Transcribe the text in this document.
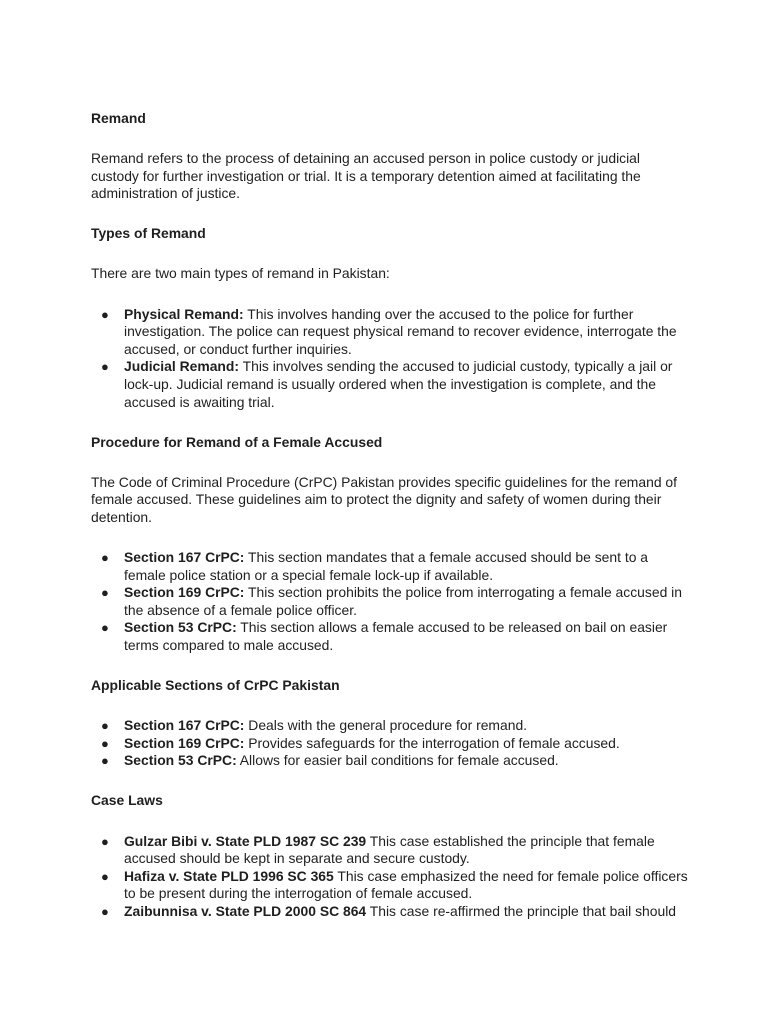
Remand

Remand refers to the process of detaining an accused person in police custody or judicial custody for further investigation or trial. It is a temporary detention aimed at facilitating the administration of justice.

Types of Remand

There are two main types of remand in Pakistan:

● Physical Remand: This involves handing over the accused to the police for further investigation. The police can request physical remand to recover evidence, interrogate the accused, or conduct further inquiries.
● Judicial Remand: This involves sending the accused to judicial custody, typically a jail or lock-up. Judicial remand is usually ordered when the investigation is complete, and the accused is awaiting trial.
Procedure for Remand of a Female Accused

The Code of Criminal Procedure (CrPC) Pakistan provides specific guidelines for the remand of female accused. These guidelines aim to protect the dignity and safety of women during their detention.

● Section 167 CrPC: This section mandates that a female accused should be sent to a female police station or a special female lock-up if available.
● Section 169 CrPC: This section prohibits the police from interrogating a female accused in the absence of a female police officer.
● Section 53 CrPC: This section allows a female accused to be released on bail on easier terms compared to male accused.
Applicable Sections of CrPC Pakistan
● Section 167 CrPC: Deals with the general procedure for remand.
● Section 169 CrPC: Provides safeguards for the interrogation of female accused.
● Section 53 CrPC: Allows for easier bail conditions for female accused.
Case Laws
● Gulzar Bibi v. State PLD 1987 SC 239 This case established the principle that female accused should be kept in separate and secure custody.
● Hafiza v. State PLD 1996 SC 365 This case emphasized the need for female police officers to be present during the interrogation of female accused.
● Zaibunnisa v. State PLD 2000 SC 864 This case re-affirmed the principle that bail should
